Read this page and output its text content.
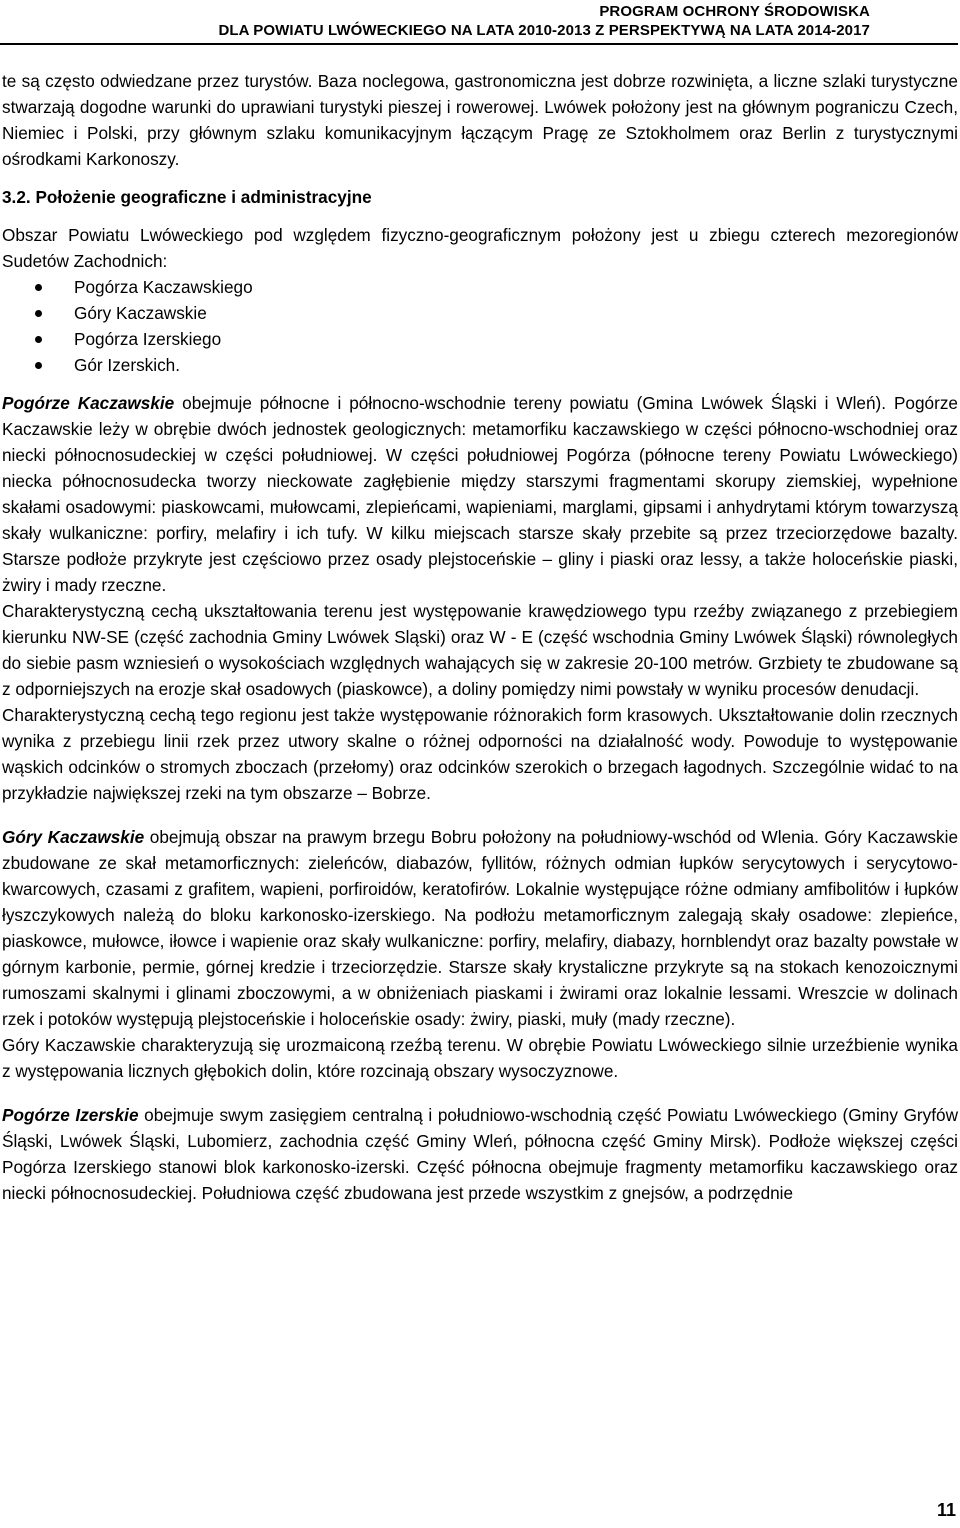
PROGRAM OCHRONY ŚRODOWISKA
DLA POWIATU LWÓWECKIEGO NA LATA 2010-2013 Z PERSPEKTYWĄ NA LATA 2014-2017

te są często odwiedzane przez turystów. Baza noclegowa, gastronomiczna jest dobrze rozwinięta, a liczne szlaki turystyczne stwarzają dogodne warunki do uprawiani turystyki pieszej i rowerowej. Lwówek położony jest na głównym pograniczu Czech, Niemiec i Polski, przy głównym szlaku komunikacyjnym łączącym Pragę ze Sztokholmem oraz Berlin z turystycznymi ośrodkami Karkonoszy.

3.2. Położenie geograficzne i administracyjne

Obszar Powiatu Lwóweckiego pod względem fizyczno-geograficznym położony jest u zbiegu czterech mezoregionów Sudetów Zachodnich:

Pogórza Kaczawskiego
Góry Kaczawskie
Pogórza Izerskiego
Gór Izerskich.

Pogórze Kaczawskie obejmuje północne i północno-wschodnie tereny powiatu (Gmina Lwówek Śląski i Wleń). Pogórze Kaczawskie leży w obrębie dwóch jednostek geologicznych: metamorfiku kaczawskiego w części północno-wschodniej oraz niecki północnosudeckiej w części południowej. W części południowej Pogórza (północne tereny Powiatu Lwóweckiego) niecka północnosudecka tworzy nieckowate zagłębienie między starszymi fragmentami skorupy ziemskiej, wypełnione skałami osadowymi: piaskowcami, mułowcami, zlepieńcami, wapieniami, marglami, gipsami i anhydrytami którym towarzyszą skały wulkaniczne: porfiry, melafiry i ich tufy. W kilku miejscach starsze skały przebite są przez trzeciorzędowe bazalty. Starsze podłoże przykryte jest częściowo przez osady plejstoceńskie – gliny i piaski oraz lessy, a także holoceńskie piaski, żwiry i mady rzeczne.

Charakterystyczną cechą ukształtowania terenu jest występowanie krawędziowego typu rzeźby związanego z przebiegiem kierunku NW-SE (część zachodnia Gminy Lwówek Sląski) oraz W - E (część wschodnia Gminy Lwówek Śląski) równoległych do siebie pasm wzniesień o wysokościach względnych wahających się w zakresie 20-100 metrów. Grzbiety te zbudowane są z odporniejszych na erozje skał osadowych (piaskowce), a doliny pomiędzy nimi powstały w wyniku procesów denudacji.

Charakterystyczną cechą tego regionu jest także występowanie różnorakich form krasowych. Ukształtowanie dolin rzecznych wynika z przebiegu linii rzek przez utwory skalne o różnej odporności na działalność wody. Powoduje to występowanie wąskich odcinków o stromych zboczach (przełomy) oraz odcinków szerokich o brzegach łagodnych. Szczególnie widać to na przykładzie największej rzeki na tym obszarze – Bobrze.

Góry Kaczawskie obejmują obszar na prawym brzegu Bobru położony na południowy-wschód od Wlenia. Góry Kaczawskie zbudowane ze skał metamorficznych: zieleńców, diabazów, fyllitów, różnych odmian łupków serycytowych i serycytowo-kwarcowych, czasami z grafitem, wapieni, porfiroidów, keratofirów. Lokalnie występujące różne odmiany amfibolitów i łupków łyszczykowych należą do bloku karkonosko-izerskiego. Na podłożu metamorficznym zalegają skały osadowe: zlepieńce, piaskowce, mułowce, iłowce i wapienie oraz skały wulkaniczne: porfiry, melafiry, diabazy, hornblendyt oraz bazalty powstałe w górnym karbonie, permie, górnej kredzie i trzeciorzędzie. Starsze skały krystaliczne przykryte są na stokach kenozoicznymi rumoszami skalnymi i glinami zboczowymi, a w obniżeniach piaskami i żwirami oraz lokalnie lessami. Wreszcie w dolinach rzek i potoków występują plejstoceńskie i holoceńskie osady: żwiry, piaski, muły (mady rzeczne).

Góry Kaczawskie charakteryzują się urozmaiconą rzeźbą terenu. W obrębie Powiatu Lwóweckiego silnie urzeźbienie wynika z występowania licznych głębokich dolin, które rozcinają obszary wysoczyznowe.

Pogórze Izerskie obejmuje swym zasięgiem centralną i południowo-wschodnią część Powiatu Lwóweckiego (Gminy Gryfów Śląski, Lwówek Śląski, Lubomierz, zachodnia część Gminy Wleń, północna część Gminy Mirsk). Podłoże większej części Pogórza Izerskiego stanowi blok karkonosko-izerski. Część północna obejmuje fragmenty metamorfiku kaczawskiego oraz niecki północnosudeckiej. Południowa część zbudowana jest przede wszystkim z gnejsów, a podrzędnie

11
